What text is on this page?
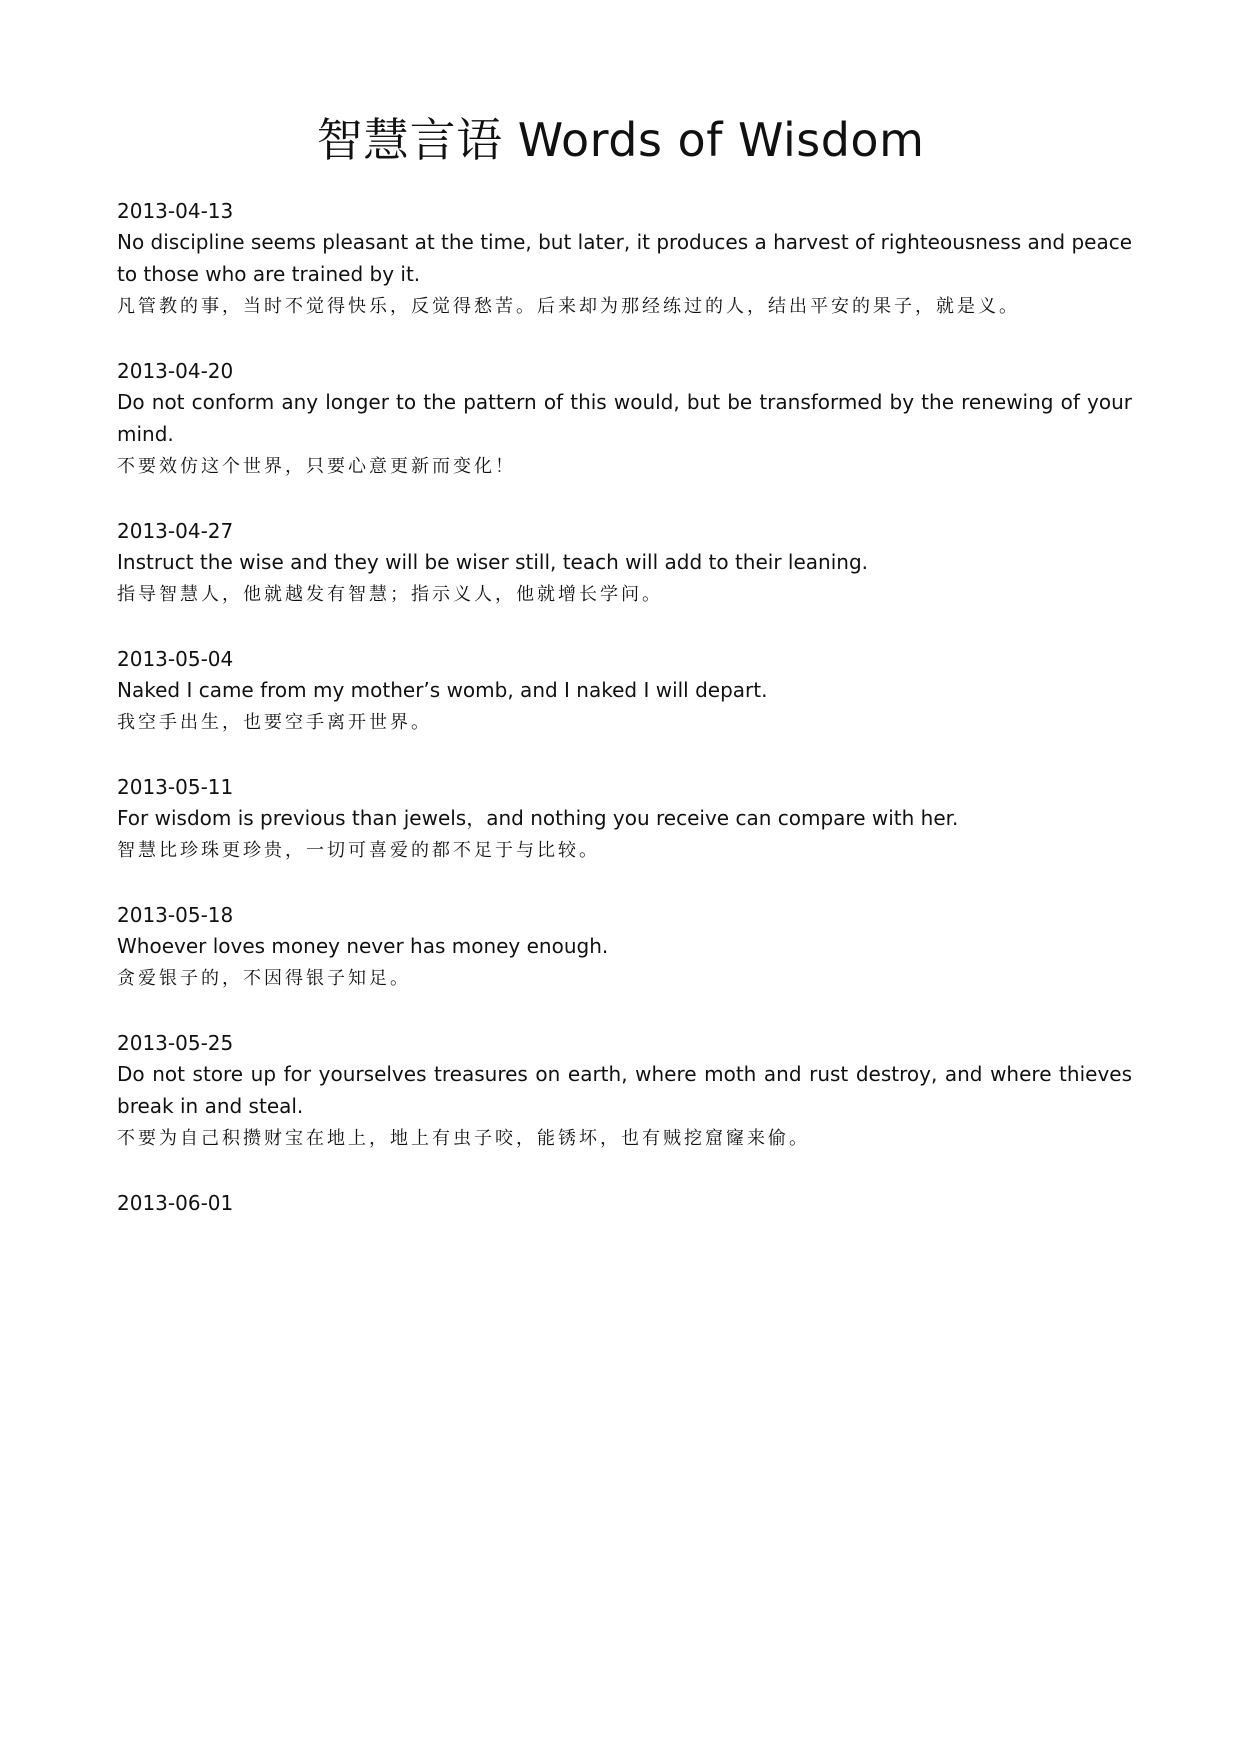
智慧言语 Words of Wisdom
2013-04-13
No discipline seems pleasant at the time, but later, it produces a harvest of righteousness and peace to those who are trained by it.
凡管教的事，当时不觉得快乐，反觉得愁苦。后来却为那经练过的人，结出平安的果子，就是义。
2013-04-20
Do not conform any longer to the pattern of this would, but be transformed by the renewing of your mind.
不要效仿这个世界，只要心意更新而变化！
2013-04-27
Instruct the wise and they will be wiser still, teach will add to their leaning.
指导智慧人，他就越发有智慧；指示义人，他就增长学问。
2013-05-04
Naked I came from my mother’s womb, and I naked I will depart.
我空手出生，也要空手离开世界。
2013-05-11
For wisdom is previous than jewels，and nothing you receive can compare with her.
智慧比珍珠更珍贵，一切可喜爱的都不足于与比较。
2013-05-18
Whoever loves money never has money enough.
贪爱银子的，不因得银子知足。
2013-05-25
Do not store up for yourselves treasures on earth, where moth and rust destroy, and where thieves break in and steal.
不要为自己积攒财宝在地上，地上有虫子咬，能锈坏，也有贼挖窟窿来偷。
2013-06-01
